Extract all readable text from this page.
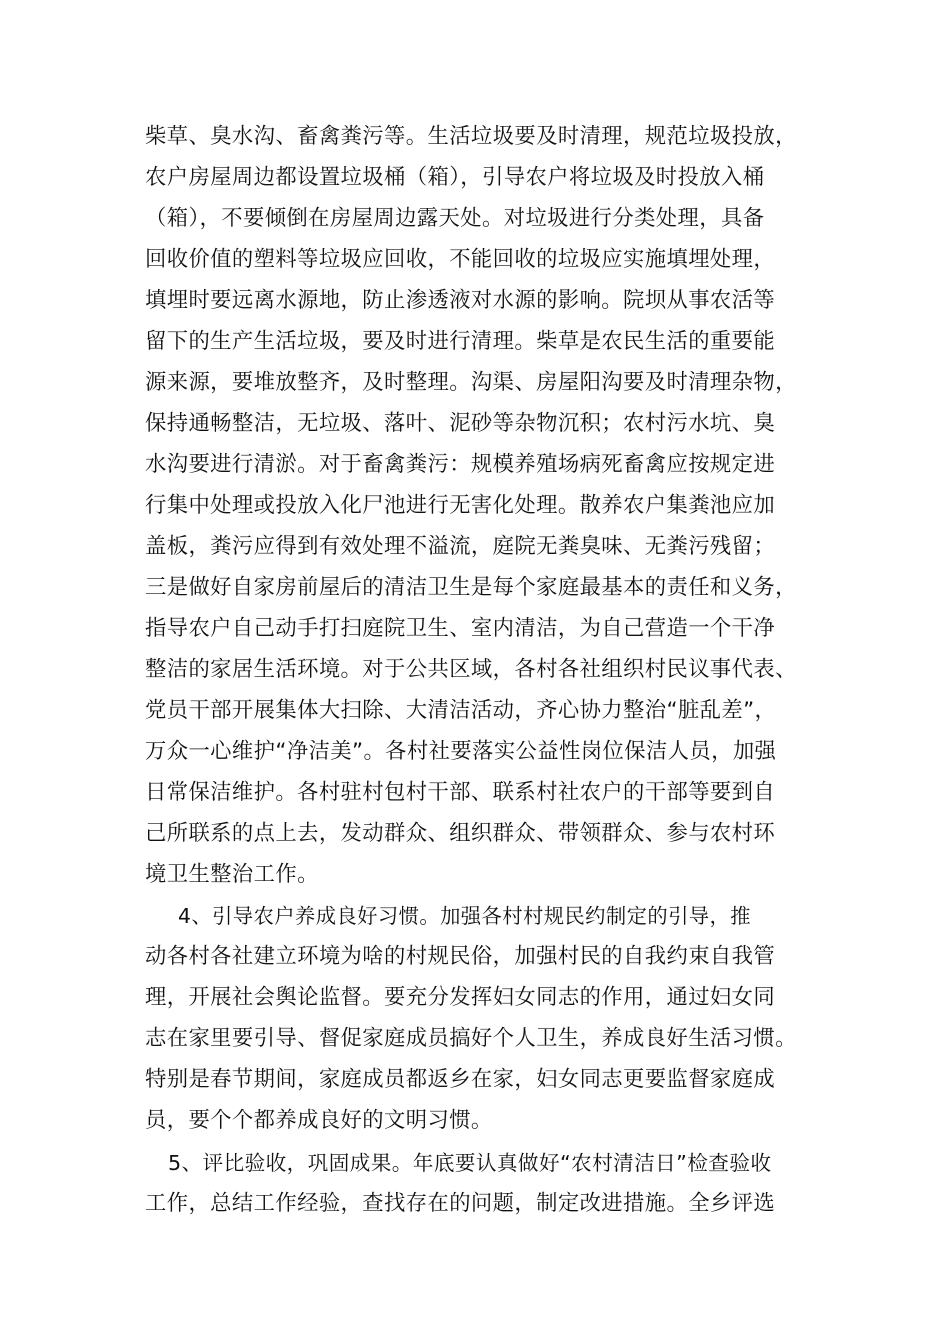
柴草、臭水沟、畜禽粪污等。生活垃圾要及时清理，规范垃圾投放，
农户房屋周边都设置垃圾桶（箱），引导农户将垃圾及时投放入桶
（箱），不要倾倒在房屋周边露天处。对垃圾进行分类处理，具备
回收价值的塑料等垃圾应回收，不能回收的垃圾应实施填埋处理，
填埋时要远离水源地，防止渗透液对水源的影响。院坝从事农活等
留下的生产生活垃圾，要及时进行清理。柴草是农民生活的重要能
源来源，要堆放整齐，及时整理。沟渠、房屋阳沟要及时清理杂物，
保持通畅整洁，无垃圾、落叶、泥砂等杂物沉积；农村污水坑、臭
水沟要进行清淤。对于畜禽粪污：规模养殖场病死畜禽应按规定进
行集中处理或投放入化尸池进行无害化处理。散养农户集粪池应加
盖板，粪污应得到有效处理不溢流，庭院无粪臭味、无粪污残留；
三是做好自家房前屋后的清洁卫生是每个家庭最基本的责任和义务，
指导农户自己动手打扫庭院卫生、室内清洁，为自己营造一个干净
整洁的家居生活环境。对于公共区域，各村各社组织村民议事代表、
党员干部开展集体大扫除、大清洁活动，齐心协力整治“脏乱差”，
万众一心维护“净洁美”。各村社要落实公益性岗位保洁人员，加强
日常保洁维护。各村驻村包村干部、联系村社农户的干部等要到自
己所联系的点上去，发动群众、组织群众、带领群众、参与农村环
境卫生整治工作。
4、引导农户养成良好习惯。加强各村村规民约制定的引导，推
动各村各社建立环境为啥的村规民俗，加强村民的自我约束自我管
理，开展社会舆论监督。要充分发挥妇女同志的作用，通过妇女同
志在家里要引导、督促家庭成员搞好个人卫生，养成良好生活习惯。
特别是春节期间，家庭成员都返乡在家，妇女同志更要监督家庭成
员，要个个都养成良好的文明习惯。
5、评比验收，巩固成果。年底要认真做好“农村清洁日”检查验收
工作，总结工作经验，查找存在的问题，制定改进措施。全乡评选
